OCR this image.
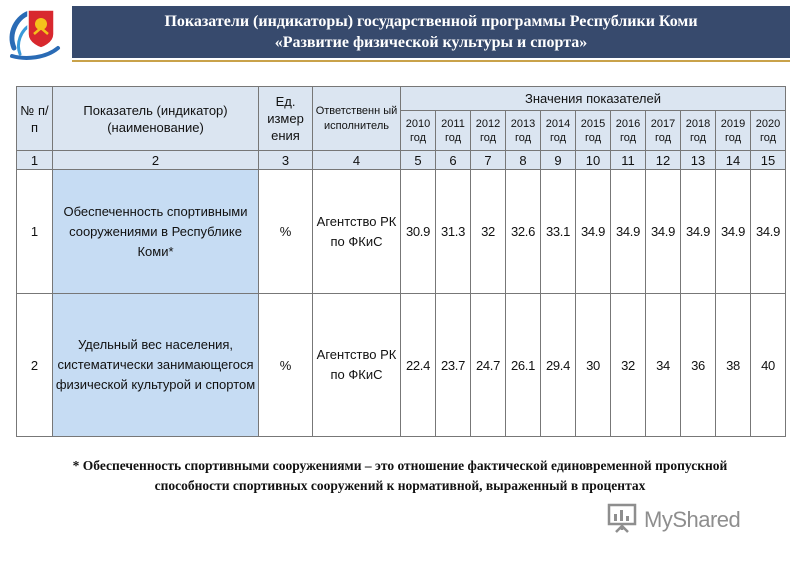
Показатели (индикаторы) государственной программы Республики Коми
«Развитие физической культуры и спорта»
№ п/п	Показатель (индикатор) (наименование)	Ед. измер ения	Ответственн ый исполнитель	Значения показателей										
				2010 год	2011 год	2012 год	2013 год	2014 год	2015 год	2016 год	2017 год	2018 год	2019 год	2020 год
1	2	3	4	5	6	7	8	9	10	11	12	13	14	15
1	Обеспеченность спортивными сооружениями в Республике Коми*	%	Агентство РК по ФКиС	30.9	31.3	32	32.6	33.1	34.9	34.9	34.9	34.9	34.9	34.9
2	Удельный вес населения, систематически занимающегося физической культурой и спортом	%	Агентство РК по ФКиС	22.4	23.7	24.7	26.1	29.4	30	32	34	36	38	40
* Обеспеченность спортивными сооружениями – это отношение фактической единовременной пропускной способности спортивных сооружений к нормативной, выраженный в процентах
MyShared
